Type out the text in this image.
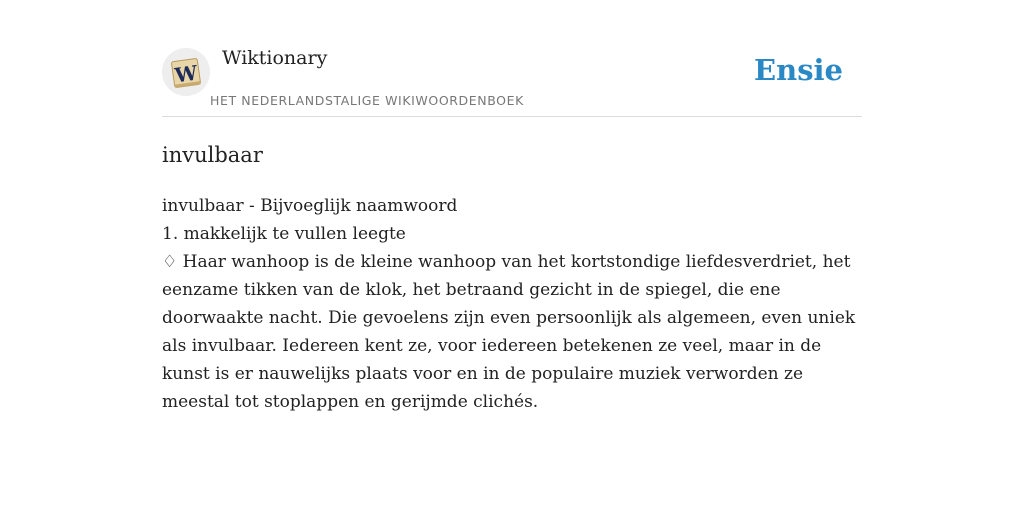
W
Wiktionary
HET NEDERLANDSTALIGE WIKIWOORDENBOEK
Ensie
invulbaar
invulbaar - Bijvoeglijk naamwoord
1. makkelijk te vullen leegte
♢ Haar wanhoop is de kleine wanhoop van het kortstondige liefdesverdriet, het
eenzame tikken van de klok, het betraand gezicht in de spiegel, die ene
doorwaakte nacht. Die gevoelens zijn even persoonlijk als algemeen, even uniek
als invulbaar. Iedereen kent ze, voor iedereen betekenen ze veel, maar in de
kunst is er nauwelijks plaats voor en in de populaire muziek verworden ze
meestal tot stoplappen en gerijmde clichés.
